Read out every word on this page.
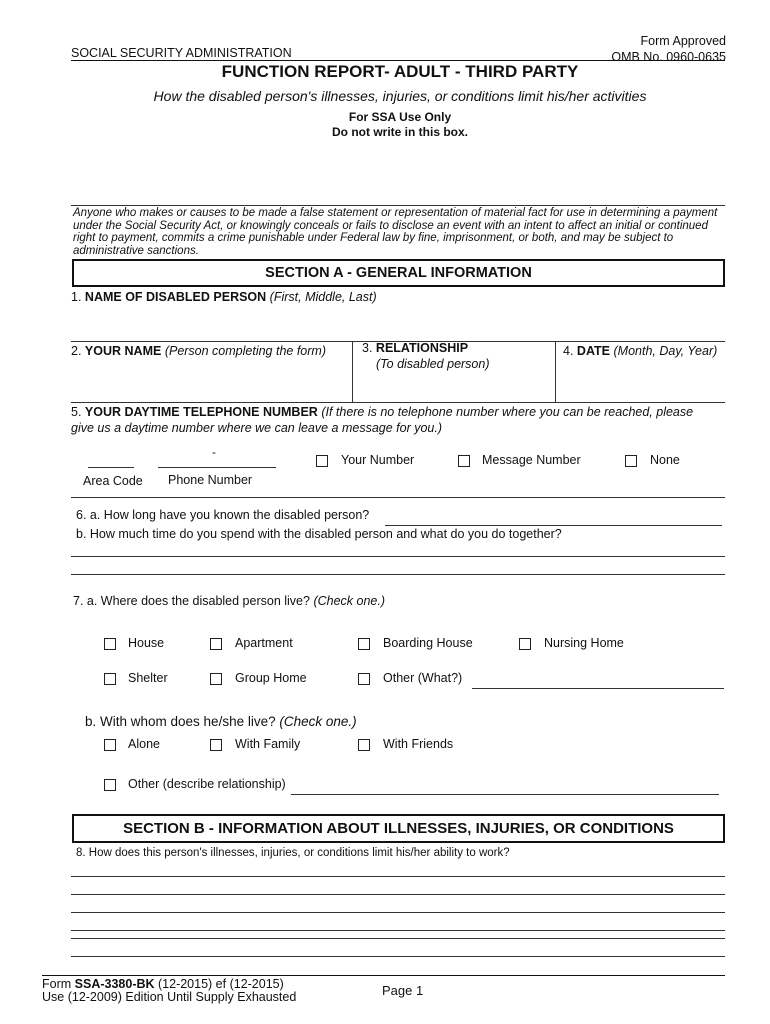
SOCIAL SECURITY ADMINISTRATION
Form Approved
OMB No. 0960-0635
FUNCTION REPORT- ADULT - THIRD PARTY
How the disabled person's illnesses, injuries, or conditions limit his/her activities
For SSA Use Only
Do not write in this box.
Anyone who makes or causes to be made a false statement or representation of material fact for use in determining a payment under the Social Security Act, or knowingly conceals or fails to disclose an event with an intent to affect an initial or continued right to payment, commits a crime punishable under Federal law by fine, imprisonment, or both, and may be subject to administrative sanctions.
SECTION A - GENERAL INFORMATION
1. NAME OF DISABLED PERSON (First, Middle, Last)
2. YOUR NAME (Person completing the form)	3. RELATIONSHIP
(To disabled person)
4. DATE (Month, Day, Year)
5. YOUR DAYTIME TELEPHONE NUMBER (If there is no telephone number where you can be reached, please
give us a daytime number where we can leave a message for you.)
-
Area Code Phone Number
Your Number	Message Number	None
6. a. How long have you known the disabled person?
b. How much time do you spend with the disabled person and what do you do together?
7. a. Where does the disabled person live? (Check one.)
House	Apartment	Boarding House	Nursing Home
Shelter	Group Home	Other (What?)
b. With whom does he/she live? (Check one.)
Alone	With Family	With Friends
Other (describe relationship)
SECTION B - INFORMATION ABOUT ILLNESSES, INJURIES, OR CONDITIONS
8. How does this person's illnesses, injuries, or conditions limit his/her ability to work?
Form SSA-3380-BK (12-2015) ef (12-2015)
Use (12-2009) Edition Until Supply Exhausted	Page 1
